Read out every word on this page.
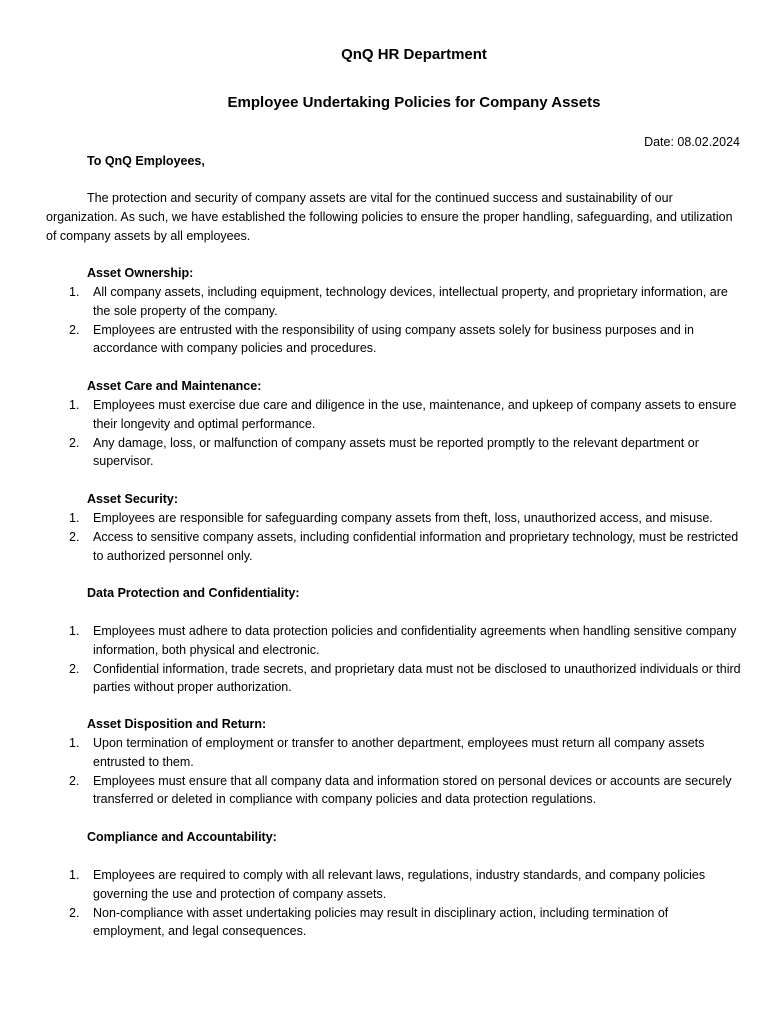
QnQ HR Department
Employee Undertaking Policies for Company Assets
Date: 08.02.2024
To QnQ Employees,

The protection and security of company assets are vital for the continued success and sustainability of our organization. As such, we have established the following policies to ensure the proper handling, safeguarding, and utilization of company assets by all employees.

Asset Ownership:
1. All company assets, including equipment, technology devices, intellectual property, and proprietary information, are the sole property of the company.
2. Employees are entrusted with the responsibility of using company assets solely for business purposes and in accordance with company policies and procedures.
Asset Care and Maintenance:
1. Employees must exercise due care and diligence in the use, maintenance, and upkeep of company assets to ensure their longevity and optimal performance.
2. Any damage, loss, or malfunction of company assets must be reported promptly to the relevant department or supervisor.
Asset Security:
1. Employees are responsible for safeguarding company assets from theft, loss, unauthorized access, and misuse.
2. Access to sensitive company assets, including confidential information and proprietary technology, must be restricted to authorized personnel only.
Data Protection and Confidentiality:
1. Employees must adhere to data protection policies and confidentiality agreements when handling sensitive company information, both physical and electronic.
2. Confidential information, trade secrets, and proprietary data must not be disclosed to unauthorized individuals or third parties without proper authorization.
Asset Disposition and Return:
1. Upon termination of employment or transfer to another department, employees must return all company assets entrusted to them.
2. Employees must ensure that all company data and information stored on personal devices or accounts are securely transferred or deleted in compliance with company policies and data protection regulations.
Compliance and Accountability:
1. Employees are required to comply with all relevant laws, regulations, industry standards, and company policies governing the use and protection of company assets.
2. Non-compliance with asset undertaking policies may result in disciplinary action, including termination of employment, and legal consequences.
